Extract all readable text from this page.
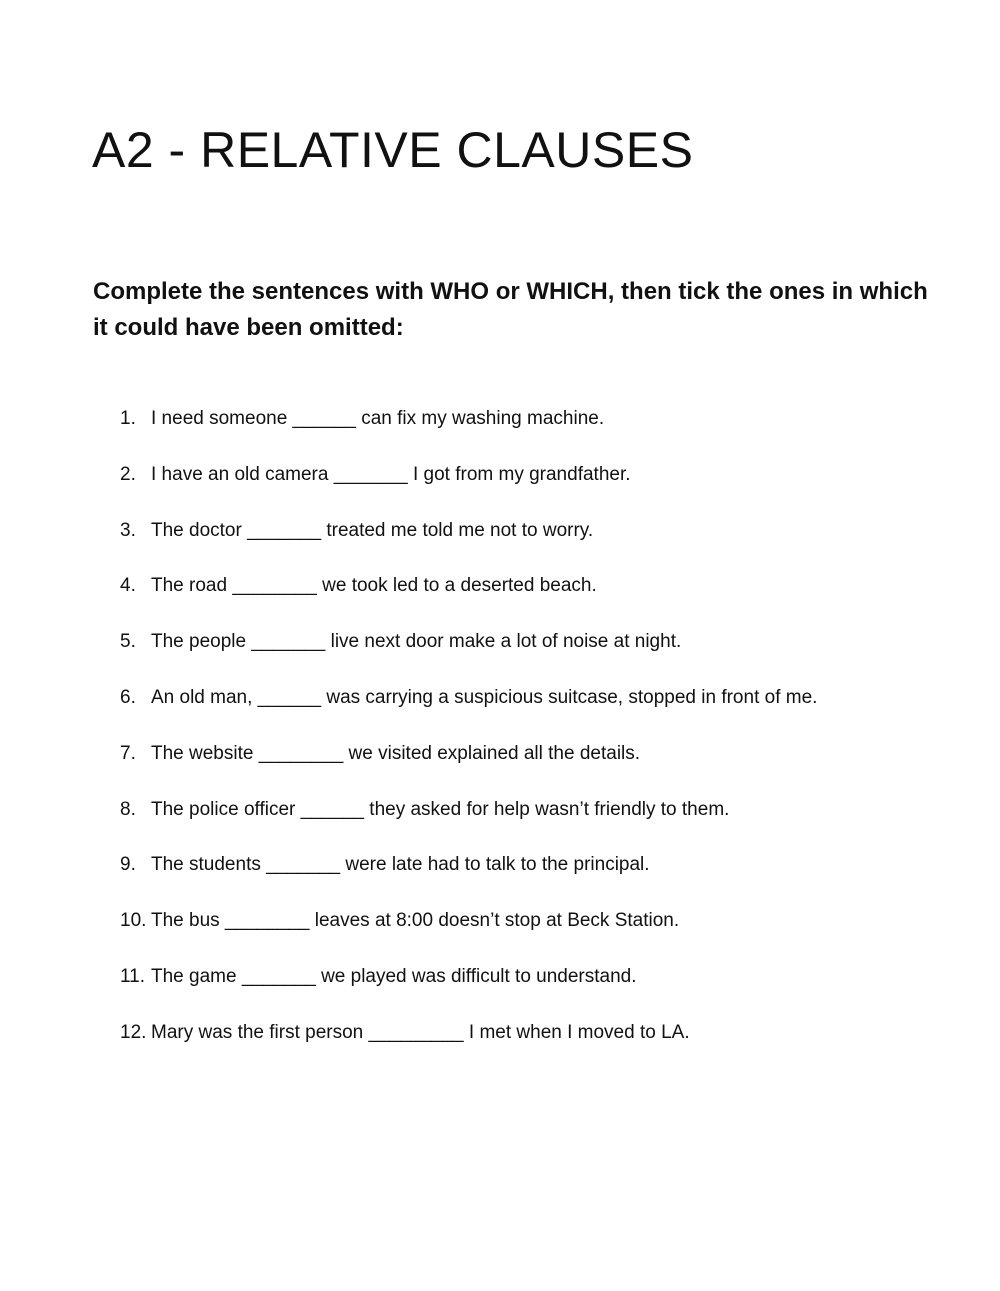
A2 - RELATIVE CLAUSES

Complete the sentences with WHO or WHICH, then tick the ones in which it could have been omitted:

1. I need someone ______ can fix my washing machine.
2. I have an old camera _______ I got from my grandfather.
3. The doctor _______ treated me told me not to worry.
4. The road ________ we took led to a deserted beach.
5. The people _______ live next door make a lot of noise at night.
6. An old man, ______ was carrying a suspicious suitcase, stopped in front of me.
7. The website ________ we visited explained all the details.
8. The police officer ______ they asked for help wasn’t friendly to them.
9. The students _______ were late had to talk to the principal.
10. The bus ________ leaves at 8:00 doesn’t stop at Beck Station.
11. The game _______ we played was difficult to understand.
12. Mary was the first person _________ I met when I moved to LA.
